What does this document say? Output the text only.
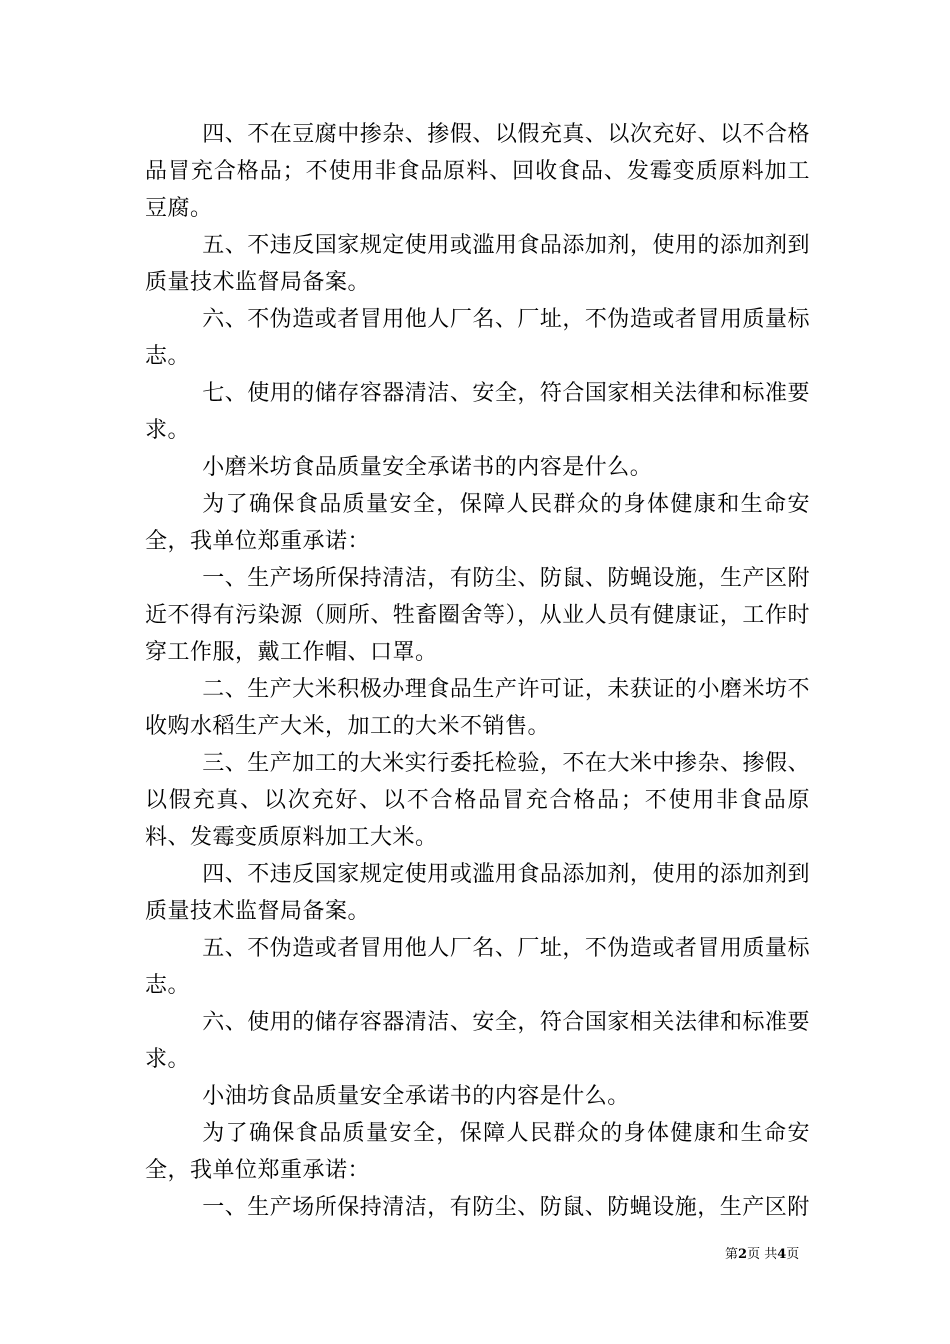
四、不在豆腐中掺杂、掺假、以假充真、以次充好、以不合格品冒充合格品；不使用非食品原料、回收食品、发霉变质原料加工豆腐。

五、不违反国家规定使用或滥用食品添加剂，使用的添加剂到质量技术监督局备案。

六、不伪造或者冒用他人厂名、厂址，不伪造或者冒用质量标志。

七、使用的储存容器清洁、安全，符合国家相关法律和标准要求。

小磨米坊食品质量安全承诺书的内容是什么。

为了确保食品质量安全，保障人民群众的身体健康和生命安全，我单位郑重承诺：

一、生产场所保持清洁，有防尘、防鼠、防蝇设施，生产区附近不得有污染源（厕所、牲畜圈舍等），从业人员有健康证，工作时穿工作服，戴工作帽、口罩。

二、生产大米积极办理食品生产许可证，未获证的小磨米坊不收购水稻生产大米，加工的大米不销售。

三、生产加工的大米实行委托检验，不在大米中掺杂、掺假、以假充真、以次充好、以不合格品冒充合格品；不使用非食品原料、发霉变质原料加工大米。

四、不违反国家规定使用或滥用食品添加剂，使用的添加剂到质量技术监督局备案。

五、不伪造或者冒用他人厂名、厂址，不伪造或者冒用质量标志。

六、使用的储存容器清洁、安全，符合国家相关法律和标准要求。

小油坊食品质量安全承诺书的内容是什么。

为了确保食品质量安全，保障人民群众的身体健康和生命安全，我单位郑重承诺：

一、生产场所保持清洁，有防尘、防鼠、防蝇设施，生产区附

第2页 共4页
